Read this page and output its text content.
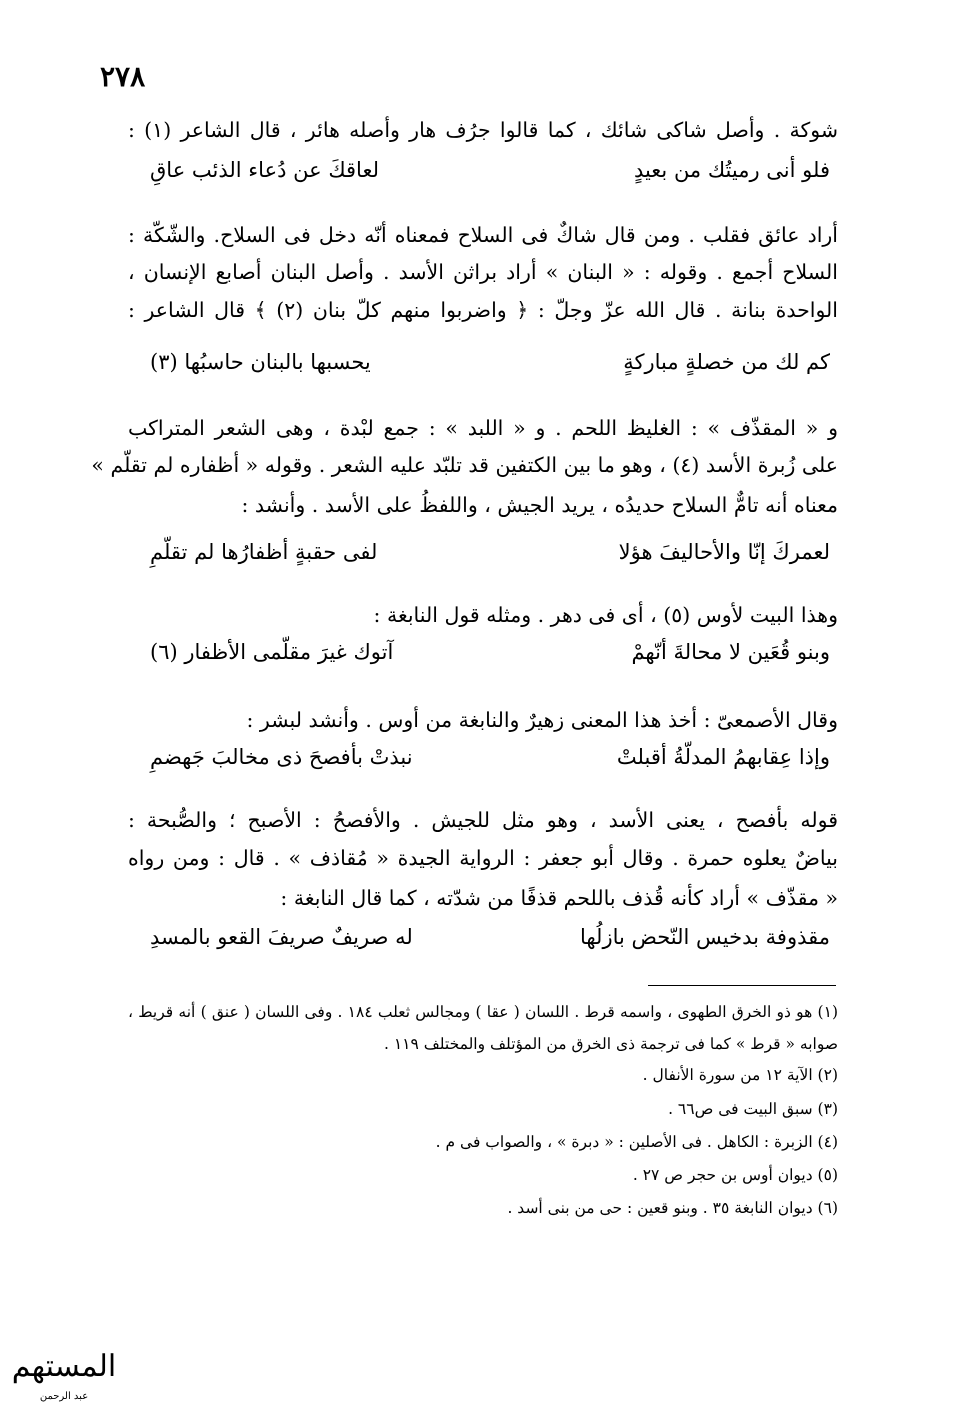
٢٧٨
شوكة . وأصل شاكى شائك ، كما قالوا جرُف هار وأصله هائر ، قال الشاعر (١) :
فلو أنى رميتُك من بعيدٍ
لعاقكَ عن دُعاء الذئب عاقِ
أراد عائق فقلب . ومن قال شاكٌ فى السلاح فمعناه أنّه دخل فى السلاح. والشّكّة :
السلاح أجمع . وقوله : « البنان » أراد براثن الأسد . وأصل البنان أصابع الإنسان ،
الواحدة بنانة . قال الله عزّ وجلّ : ﴿ واضربوا منهم كلّ بنان (٢) ﴾ قال الشاعر :
كم لك من خصلةٍ مباركةٍ
يحسبها بالبنان حاسبُها (٣)
و « المقذّف » : الغليظ اللحم . و « اللبد » : جمع لبْدة ، وهى الشعر المتراكب
على زُبرة الأسد (٤) ، وهو ما بين الكتفين قد تلبّد عليه الشعر . وقوله « أظفاره لم تقلّم »
معناه أنه تامٌّ السلاح حديدُه ، يريد الجيش ، واللفظُ على الأسد . وأنشد :
لعمركَ إنّا والأحاليفَ هؤلا
لفى حقبةٍ أظفارُها لم تقلّمِ
وهذا البيت لأوس (٥) ، أى فى دهر . ومثله قول النابغة :
وبنو قُعَين لا محالةَ أنّهمْ
آتوك غيرَ مقلّمى الأظفار (٦)
وقال الأصمعىّ : أخذ هذا المعنى زهيرٌ والنابغة من أوس . وأنشد لبشر :
وإذا عِقابهمُ المدلّةُ أقبلتْ
نبذتْ بأفصحَ ذى مخالبَ جَهضمِ
قوله بأفصح ، يعنى الأسد ، وهو مثل للجيش . والأفصحُ : الأصبح ؛ والصُّبحة :
بياضٌ يعلوه حمرة . وقال أبو جعفر : الرواية الجيدة « مُقاذف » . قال : ومن رواه
« مقذّف » أراد كأنه قُذف باللحم قذفًا من شدّته ، كما قال النابغة :
مقذوفة بدخيس النّحض بازلُها
له صريفٌ صريفَ القعو بالمسدِ
(١) هو ذو الخرق الطهوى ، واسمه قرط . اللسان ( عقا ) ومجالس ثعلب ١٨٤ . وفى اللسان ( عنق ) أنه قريط ،
صوابه « قرط » كما فى ترجمة ذى الخرق من المؤتلف والمختلف ١١٩ .
(٢) الآية ١٢ من سورة الأنفال .
(٣) سبق البيت فى ص٦٦ .
(٤) الزبرة : الكاهل . فى الأصلين : « دبرة » ، والصواب فى م .
(٥) ديوان أوس بن حجر ص ٢٧ .
(٦) ديوان النابغة ٣٥ . وبنو قعين : حى من بنى أسد .
المستهم
عبد الرحمن
